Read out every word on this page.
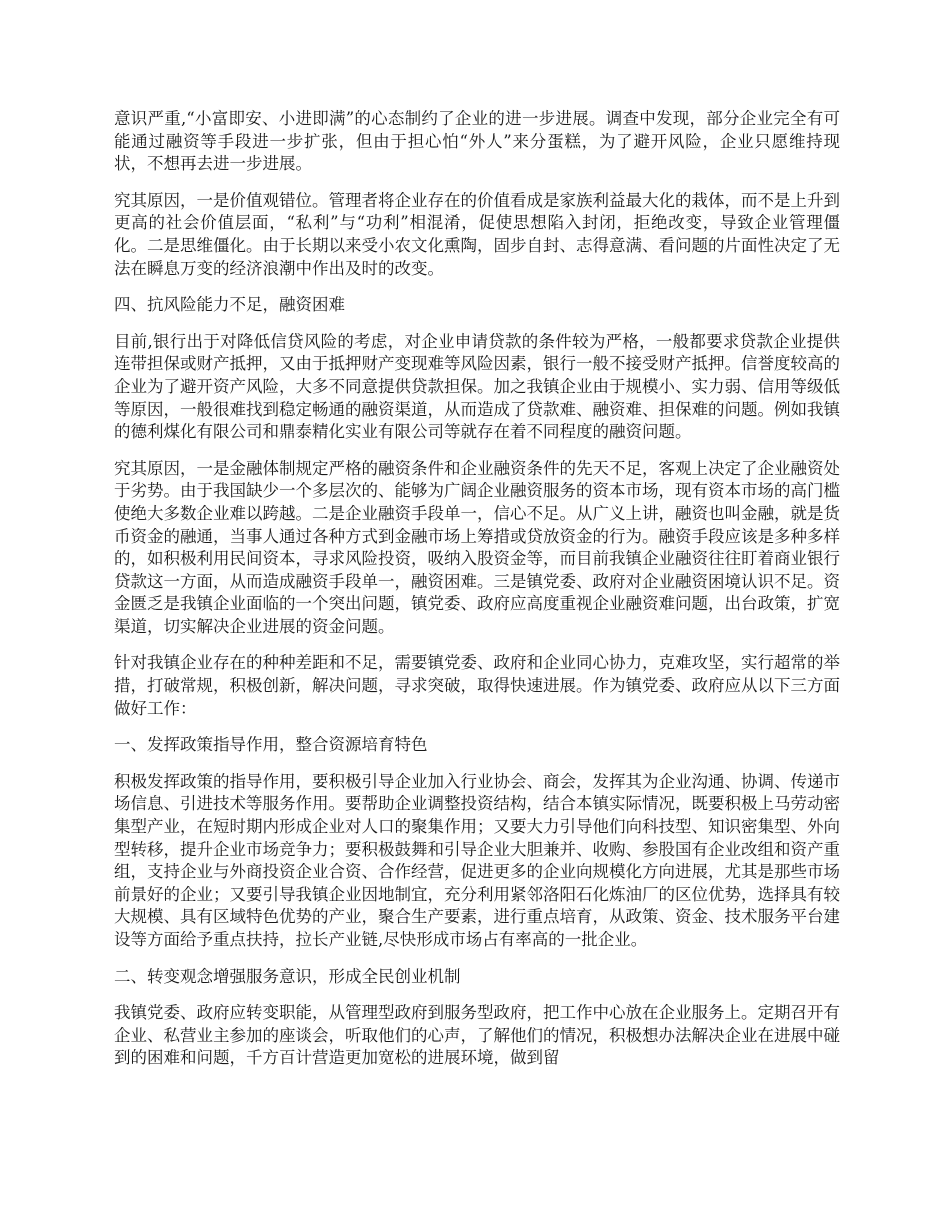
意识严重,“小富即安、小进即满”的心态制约了企业的进一步进展。调查中发现，部分企业完全有可能通过融资等手段进一步扩张，但由于担心怕“外人”来分蛋糕，为了避开风险，企业只愿维持现状，不想再去进一步进展。

究其原因，一是价值观错位。管理者将企业存在的价值看成是家族利益最大化的栽体，而不是上升到更高的社会价值层面，“私利”与“功利”相混淆，促使思想陷入封闭，拒绝改变，导致企业管理僵化。二是思维僵化。由于长期以来受小农文化熏陶，固步自封、志得意满、看问题的片面性决定了无法在瞬息万变的经济浪潮中作出及时的改变。

四、抗风险能力不足，融资困难

目前,银行出于对降低信贷风险的考虑，对企业申请贷款的条件较为严格，一般都要求贷款企业提供连带担保或财产抵押，又由于抵押财产变现难等风险因素，银行一般不接受财产抵押。信誉度较高的企业为了避开资产风险，大多不同意提供贷款担保。加之我镇企业由于规模小、实力弱、信用等级低等原因，一般很难找到稳定畅通的融资渠道，从而造成了贷款难、融资难、担保难的问题。例如我镇的德利煤化有限公司和鼎泰精化实业有限公司等就存在着不同程度的融资问题。

究其原因，一是金融体制规定严格的融资条件和企业融资条件的先天不足，客观上决定了企业融资处于劣势。由于我国缺少一个多层次的、能够为广阔企业融资服务的资本市场，现有资本市场的高门槛使绝大多数企业难以跨越。二是企业融资手段单一，信心不足。从广义上讲，融资也叫金融，就是货币资金的融通，当事人通过各种方式到金融市场上筹措或贷放资金的行为。融资手段应该是多种多样的，如积极利用民间资本，寻求风险投资，吸纳入股资金等，而目前我镇企业融资往往盯着商业银行贷款这一方面，从而造成融资手段单一，融资困难。三是镇党委、政府对企业融资困境认识不足。资金匮乏是我镇企业面临的一个突出问题，镇党委、政府应高度重视企业融资难问题，出台政策，扩宽渠道，切实解决企业进展的资金问题。

针对我镇企业存在的种种差距和不足，需要镇党委、政府和企业同心协力，克难攻坚，实行超常的举措，打破常规，积极创新，解决问题，寻求突破，取得快速进展。作为镇党委、政府应从以下三方面做好工作：

一、发挥政策指导作用，整合资源培育特色

积极发挥政策的指导作用，要积极引导企业加入行业协会、商会，发挥其为企业沟通、协调、传递市场信息、引进技术等服务作用。要帮助企业调整投资结构，结合本镇实际情况，既要积极上马劳动密集型产业，在短时期内形成企业对人口的聚集作用；又要大力引导他们向科技型、知识密集型、外向型转移，提升企业市场竞争力；要积极鼓舞和引导企业大胆兼并、收购、参股国有企业改组和资产重组，支持企业与外商投资企业合资、合作经营，促进更多的企业向规模化方向进展，尤其是那些市场前景好的企业；又要引导我镇企业因地制宜，充分利用紧邻洛阳石化炼油厂的区位优势，选择具有较大规模、具有区域特色优势的产业，聚合生产要素，进行重点培育，从政策、资金、技术服务平台建设等方面给予重点扶持，拉长产业链,尽快形成市场占有率高的一批企业。

二、转变观念增强服务意识，形成全民创业机制

我镇党委、政府应转变职能，从管理型政府到服务型政府，把工作中心放在企业服务上。定期召开有企业、私营业主参加的座谈会，听取他们的心声，了解他们的情况，积极想办法解决企业在进展中碰到的困难和问题，千方百计营造更加宽松的进展环境，做到留
